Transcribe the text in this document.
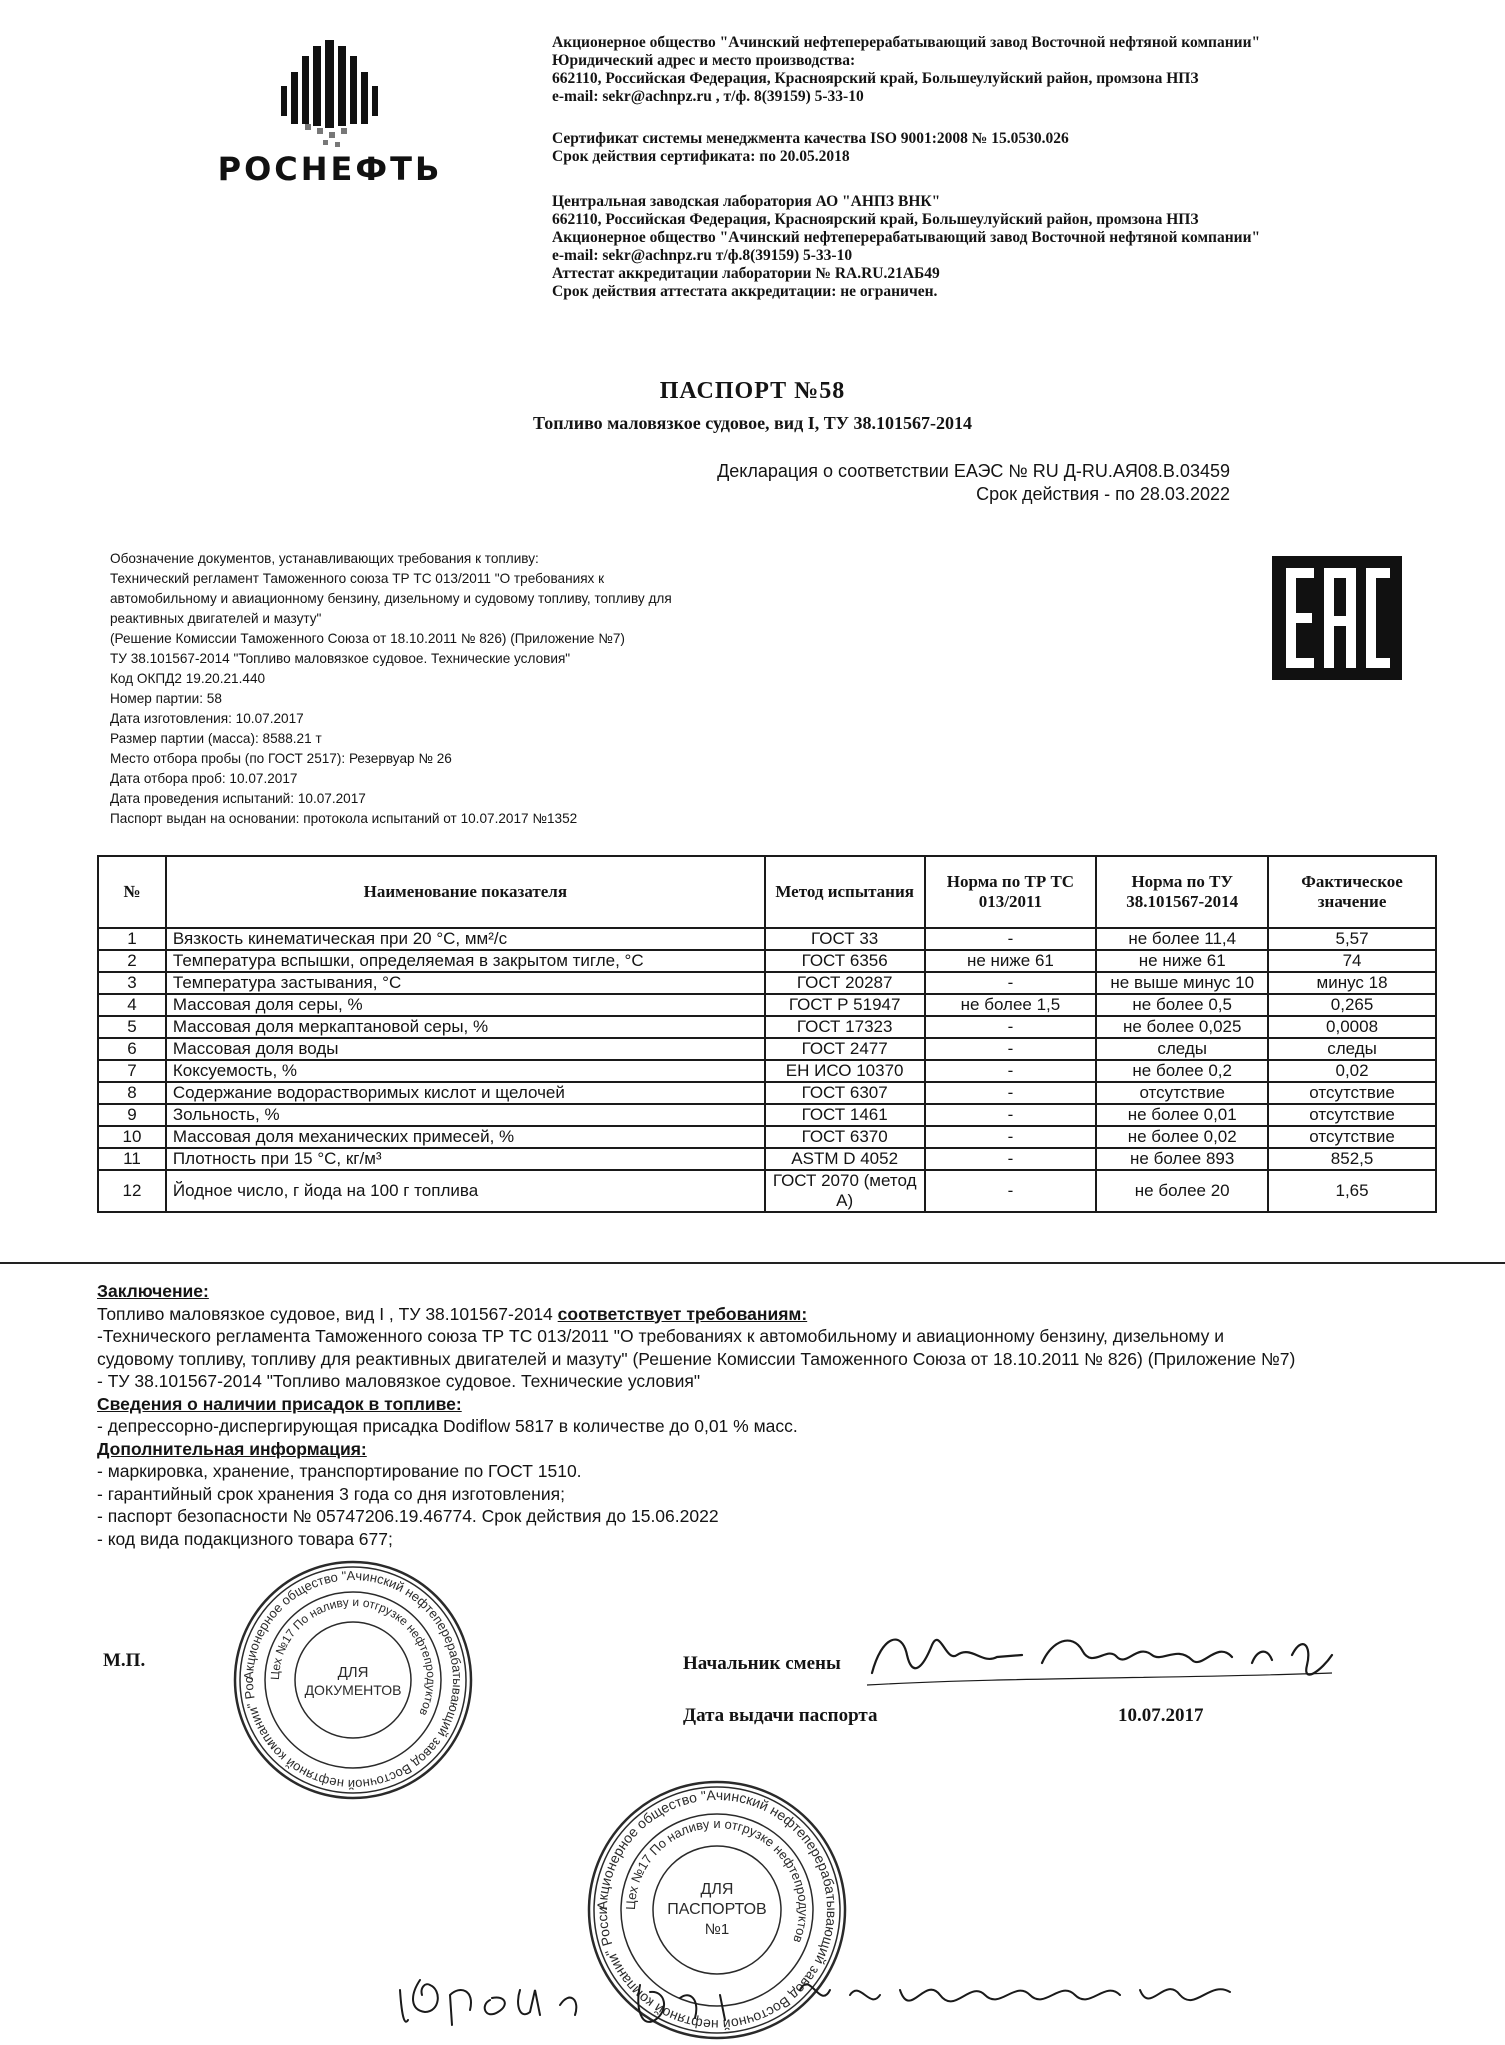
РОСНЕФТЬ
Акционерное общество "Ачинский нефтеперерабатывающий завод Восточной нефтяной компании"
Юридический адрес и место производства:
662110, Российская Федерация, Красноярский край, Большеулуйский район, промзона НПЗ
e-mail: sekr@achnpz.ru , т/ф. 8(39159) 5-33-10
Сертификат системы менеджмента качества ISO 9001:2008 № 15.0530.026
Срок действия сертификата: по 20.05.2018
Центральная заводская лаборатория АО "АНПЗ ВНК"
662110, Российская Федерация, Красноярский край, Большеулуйский район, промзона НПЗ
Акционерное общество "Ачинский нефтеперерабатывающий завод Восточной нефтяной компании"
e-mail: sekr@achnpz.ru т/ф.8(39159) 5-33-10
Аттестат аккредитации лаборатории № RA.RU.21АБ49
Срок действия аттестата аккредитации: не ограничен.
ПАСПОРТ №58
Топливо маловязкое судовое, вид I, ТУ 38.101567-2014
Декларация о соответствии ЕАЭС № RU Д-RU.АЯ08.В.03459
Срок действия - по 28.03.2022
Обозначение документов, устанавливающих требования к топливу:
Технический регламент Таможенного союза ТР ТС 013/2011 "О требованиях к
автомобильному и авиационному бензину, дизельному и судовому топливу, топливу для
реактивных двигателей и мазуту"
(Решение Комиссии Таможенного Союза от 18.10.2011 № 826) (Приложение №7)
ТУ 38.101567-2014 "Топливо маловязкое судовое. Технические условия"
Код ОКПД2 19.20.21.440
Номер партии: 58
Дата изготовления: 10.07.2017
Размер партии (масса): 8588.21 т
Место отбора пробы (по ГОСТ 2517): Резервуар № 26
Дата отбора проб: 10.07.2017
Дата проведения испытаний: 10.07.2017
Паспорт выдан на основании: протокола испытаний от 10.07.2017 №1352
№	Наименование показателя	Метод испытания	Норма по ТР ТС 013/2011	Норма по ТУ 38.101567-2014	Фактическое значение
1	Вязкость кинематическая при 20 °С, мм²/с	ГОСТ 33	-	не более 11,4	5,57
2	Температура вспышки, определяемая в закрытом тигле, °С	ГОСТ 6356	не ниже 61	не ниже 61	74
3	Температура застывания, °С	ГОСТ 20287	-	не выше минус 10	минус 18
4	Массовая доля серы, %	ГОСТ Р 51947	не более 1,5	не более 0,5	0,265
5	Массовая доля меркаптановой серы, %	ГОСТ 17323	-	не более 0,025	0,0008
6	Массовая доля воды	ГОСТ 2477	-	следы	следы
7	Коксуемость, %	ЕН ИСО 10370	-	не более 0,2	0,02
8	Содержание водорастворимых кислот и щелочей	ГОСТ 6307	-	отсутствие	отсутствие
9	Зольность, %	ГОСТ 1461	-	не более 0,01	отсутствие
10	Массовая доля механических примесей, %	ГОСТ 6370	-	не более 0,02	отсутствие
11	Плотность при 15 °С, кг/м³	ASTM D 4052	-	не более 893	852,5
12	Йодное число, г йода на 100 г топлива	ГОСТ 2070 (метод А)	-	не более 20	1,65
Заключение:
Топливо маловязкое судовое, вид I , ТУ 38.101567-2014 соответствует требованиям:
-Технического регламента Таможенного союза ТР ТС 013/2011 "О требованиях к автомобильному и авиационному бензину, дизельному и
судовому топливу, топливу для реактивных двигателей и мазуту" (Решение Комиссии Таможенного Союза от 18.10.2011 № 826) (Приложение №7)
- ТУ 38.101567-2014 "Топливо маловязкое судовое. Технические условия"
Сведения о наличии присадок в топливе:
- депрессорно-диспергирующая присадка Dodiflow 5817 в количестве до 0,01 % масс.
Дополнительная информация:
- маркировка, хранение, транспортирование по ГОСТ 1510.
- гарантийный срок хранения 3 года со дня изготовления;
- паспорт безопасности № 05747206.19.46774. Срок действия до 15.06.2022
- код вида подакцизного товара 677;
М.П.	Начальник смены
Дата выдачи паспорта	10.07.2017
Акционерное общество "Ачинский нефтеперерабатывающий завод Восточной нефтяной компании" Рос Цех №17 По наливу и отгрузке нефтепродуктов
ДЛЯ
ДОКУМЕНТОВ
Акционерное общество "Ачинский нефтеперерабатывающий завод Восточной нефтяной компании" Росси
Цех №17 По наливу и отгрузке нефтепродуктов
ДЛЯ
ПАСПОРТОВ
№1
